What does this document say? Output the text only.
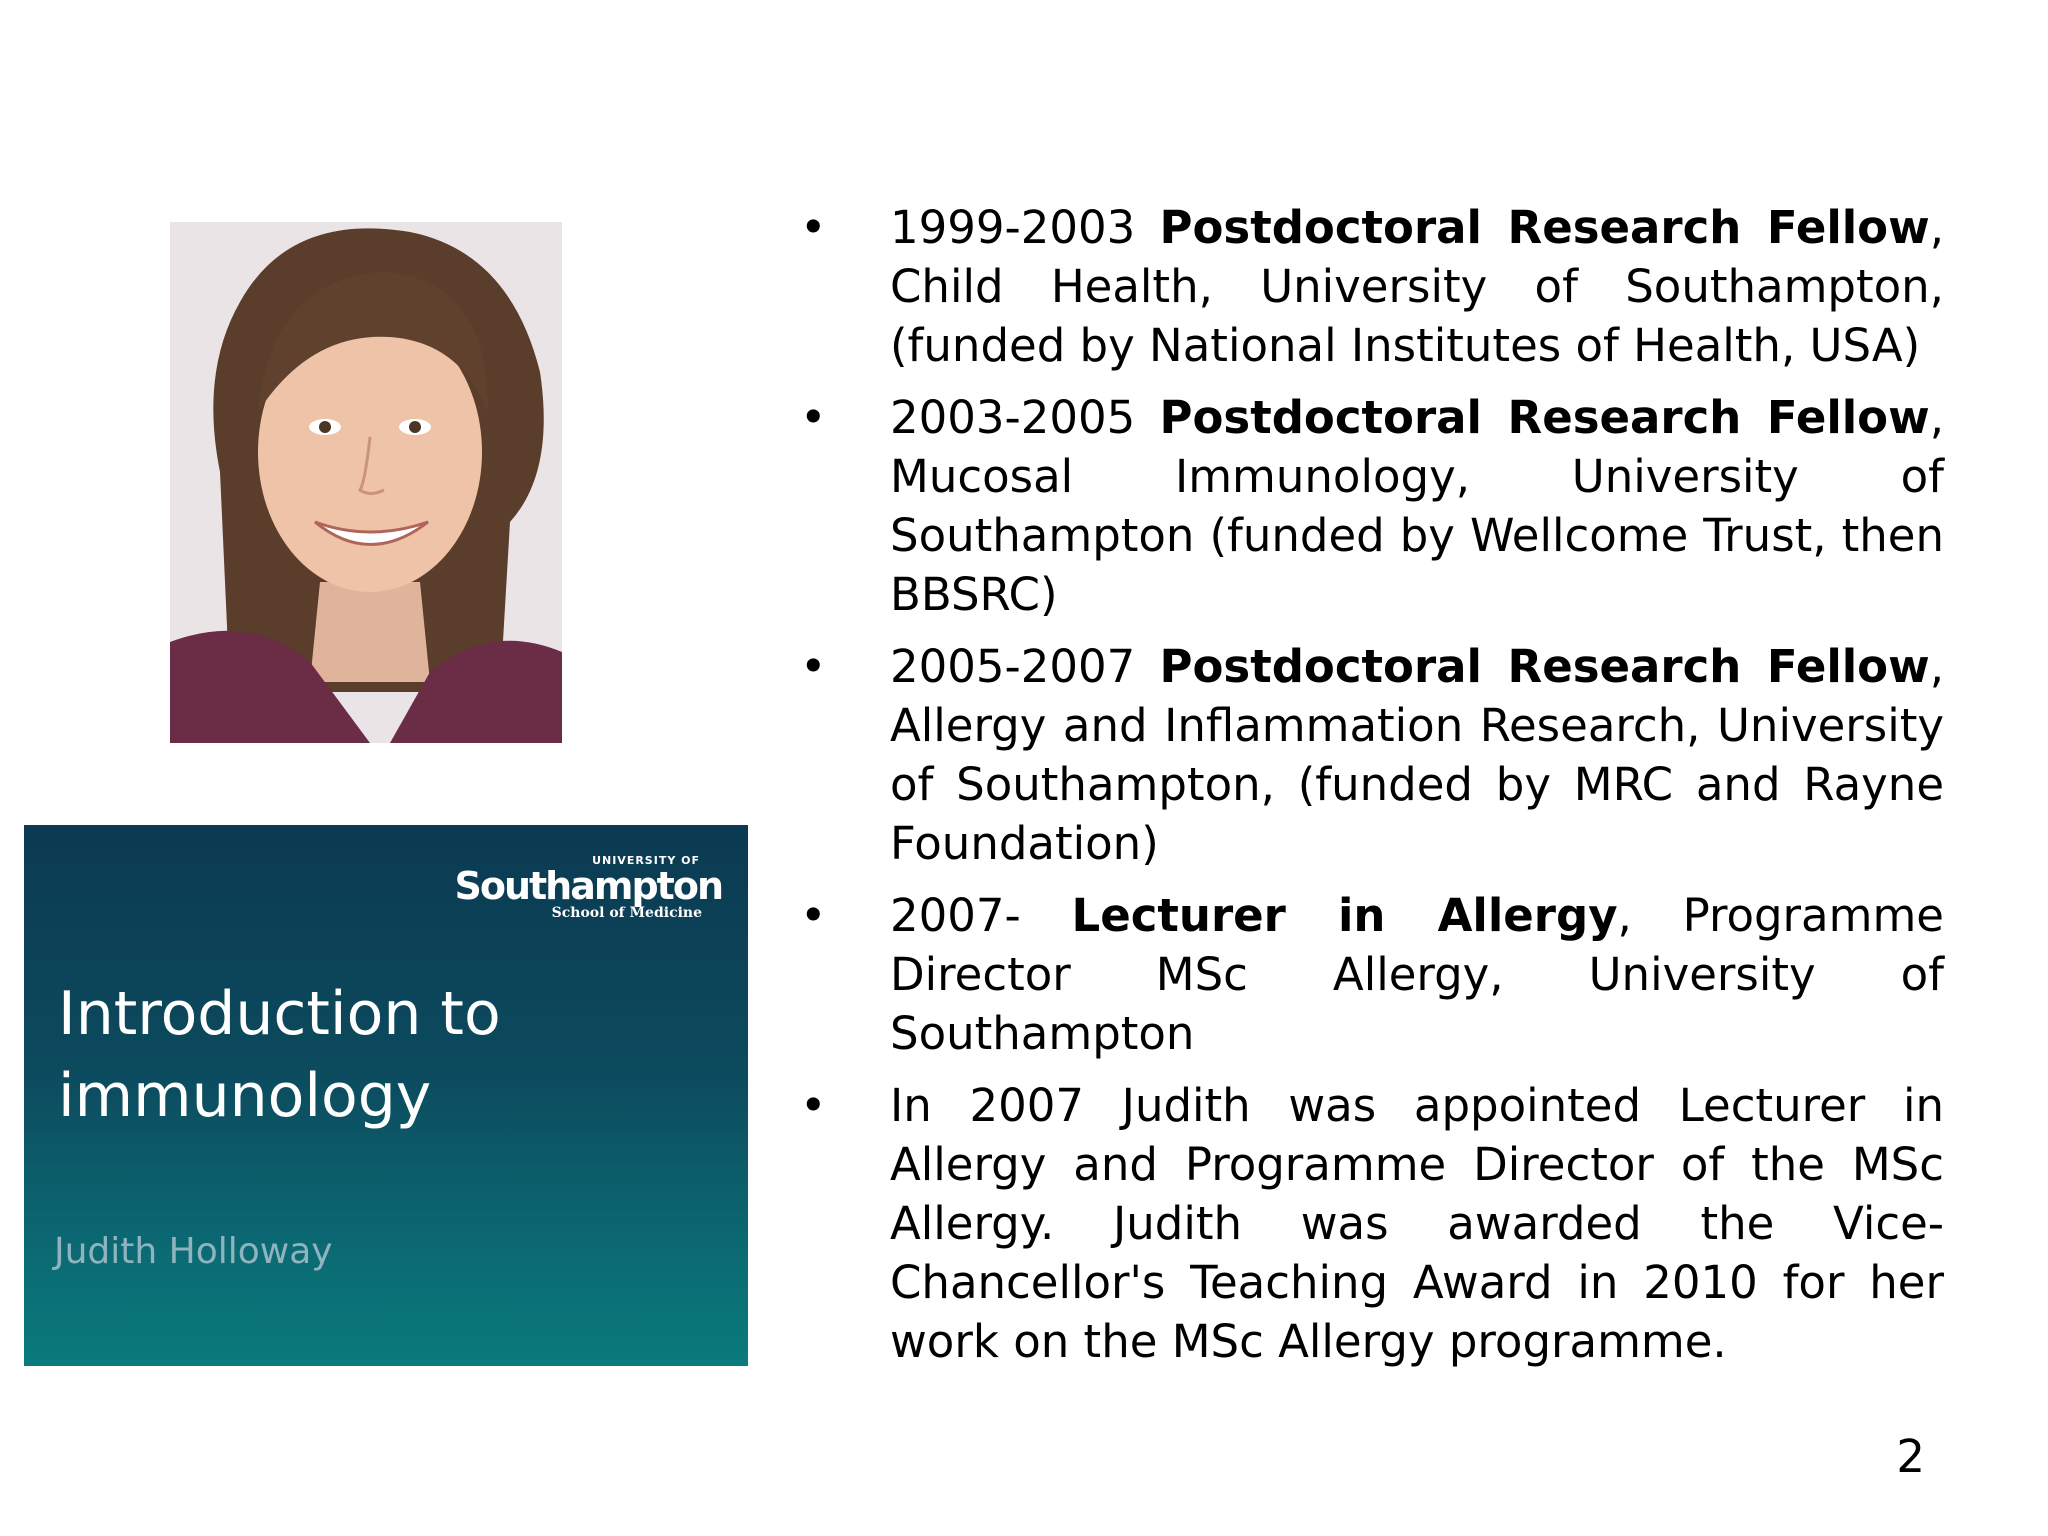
UNIVERSITY OF
Southampton
School of Medicine
Introduction to
immunology
Judith Holloway
• 1999-2003 Postdoctoral Research Fellow, Child Health, University of Southampton, (funded by National Institutes of Health, USA)
• 2003-2005 Postdoctoral Research Fellow, Mucosal Immunology, University of Southampton (funded by Wellcome Trust, then BBSRC)
• 2005-2007 Postdoctoral Research Fellow, Allergy and Inflammation Research, University of Southampton, (funded by MRC and Rayne Foundation)
• 2007- Lecturer in Allergy, Programme Director MSc Allergy, University of Southampton
• In 2007 Judith was appointed Lecturer in Allergy and Programme Director of the MSc Allergy. Judith was awarded the Vice-Chancellor's Teaching Award in 2010 for her work on the MSc Allergy programme.
2
